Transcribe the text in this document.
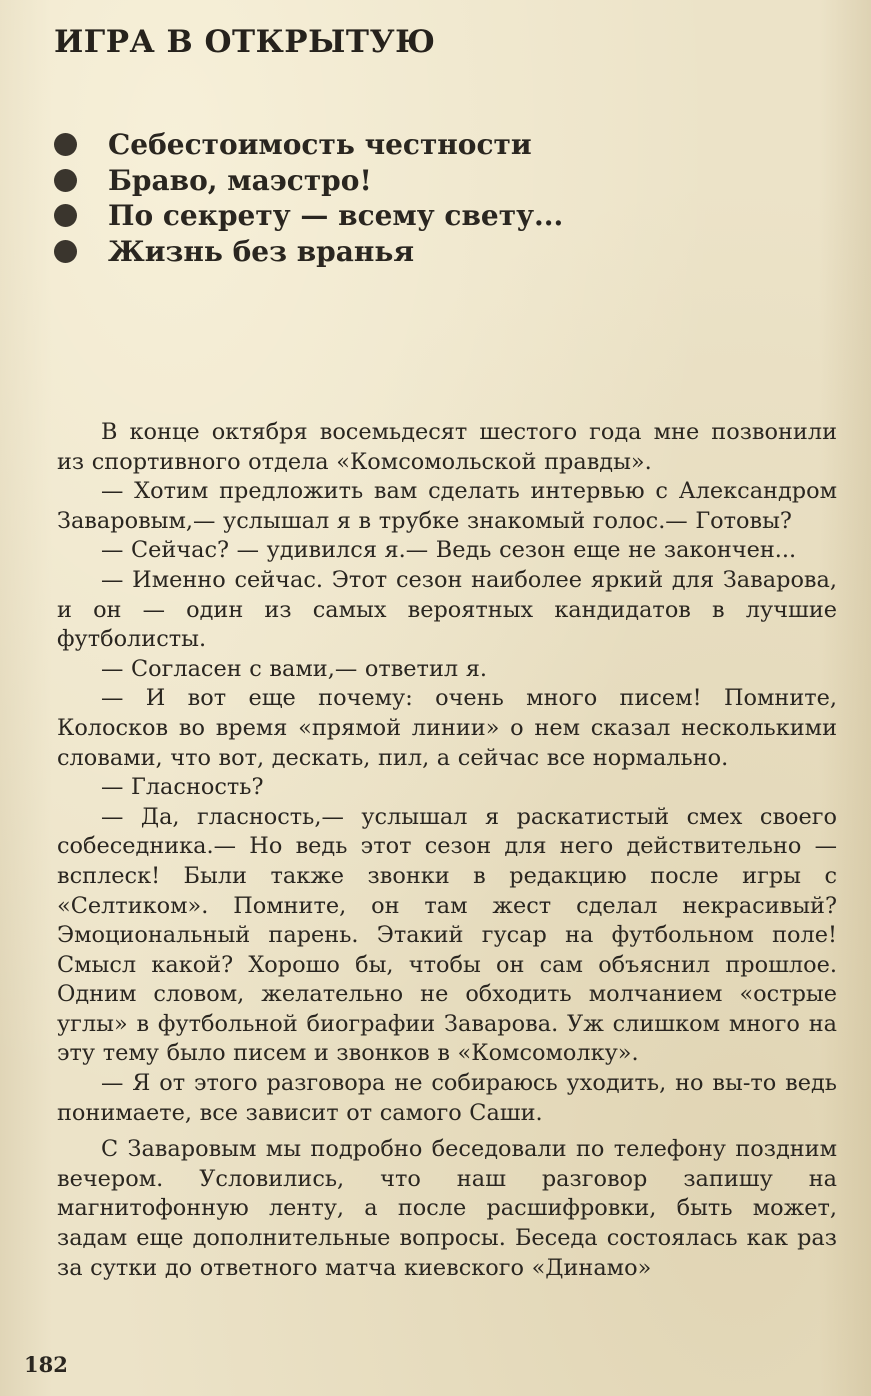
ИГРА В ОТКРЫТУЮ
Себестоимость честности
Браво, маэстро!
По секрету — всему свету...
Жизнь без вранья

В конце октября восемьдесят шестого года мне позвонили из спортивного отдела «Комсомольской правды».

— Хотим предложить вам сделать интервью с Александром Заваровым,— услышал я в трубке знакомый голос.— Готовы?

— Сейчас? — удивился я.— Ведь сезон еще не закончен...

— Именно сейчас. Этот сезон наиболее яркий для Заварова, и он — один из самых вероятных кандидатов в лучшие футболисты.

— Согласен с вами,— ответил я.

— И вот еще почему: очень много писем! Помните, Колосков во время «прямой линии» о нем сказал несколькими словами, что вот, дескать, пил, а сейчас все нормально.

— Гласность?

— Да, гласность,— услышал я раскатистый смех своего собеседника.— Но ведь этот сезон для него действительно — всплеск! Были также звонки в редакцию после игры с «Селтиком». Помните, он там жест сделал некрасивый? Эмоциональный парень. Этакий гусар на футбольном поле! Смысл какой? Хорошо бы, чтобы он сам объяснил прошлое. Одним словом, желательно не обходить молчанием «острые углы» в футбольной биографии Заварова. Уж слишком много на эту тему было писем и звонков в «Комсомолку».

— Я от этого разговора не собираюсь уходить, но вы-то ведь понимаете, все зависит от самого Саши.

С Заваровым мы подробно беседовали по телефону поздним вечером. Условились, что наш разговор запишу на магнитофонную ленту, а после расшифровки, быть может, задам еще дополнительные вопросы. Беседа состоялась как раз за сутки до ответного матча киевского «Динамо»

182
